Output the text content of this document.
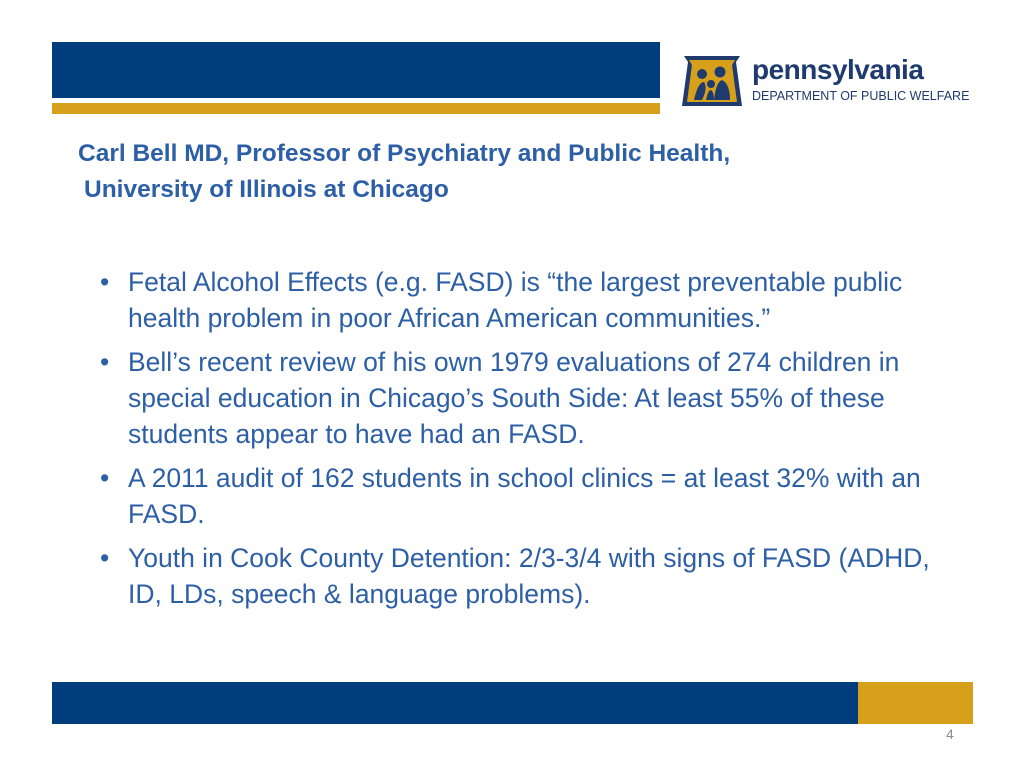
pennsylvania
DEPARTMENT OF PUBLIC WELFARE
Carl Bell MD, Professor of Psychiatry and Public Health,
University of Illinois at Chicago
• Fetal Alcohol Effects (e.g. FASD) is “the largest preventable public health problem in poor African American communities.”
• Bell’s recent review of his own 1979 evaluations of 274 children in special education in Chicago’s South Side: At least 55% of these students appear to have had an FASD.
• A 2011 audit of 162 students in school clinics = at least 32% with an FASD.
• Youth in Cook County Detention: 2/3-3/4 with signs of FASD (ADHD, ID, LDs, speech & language problems).
4
